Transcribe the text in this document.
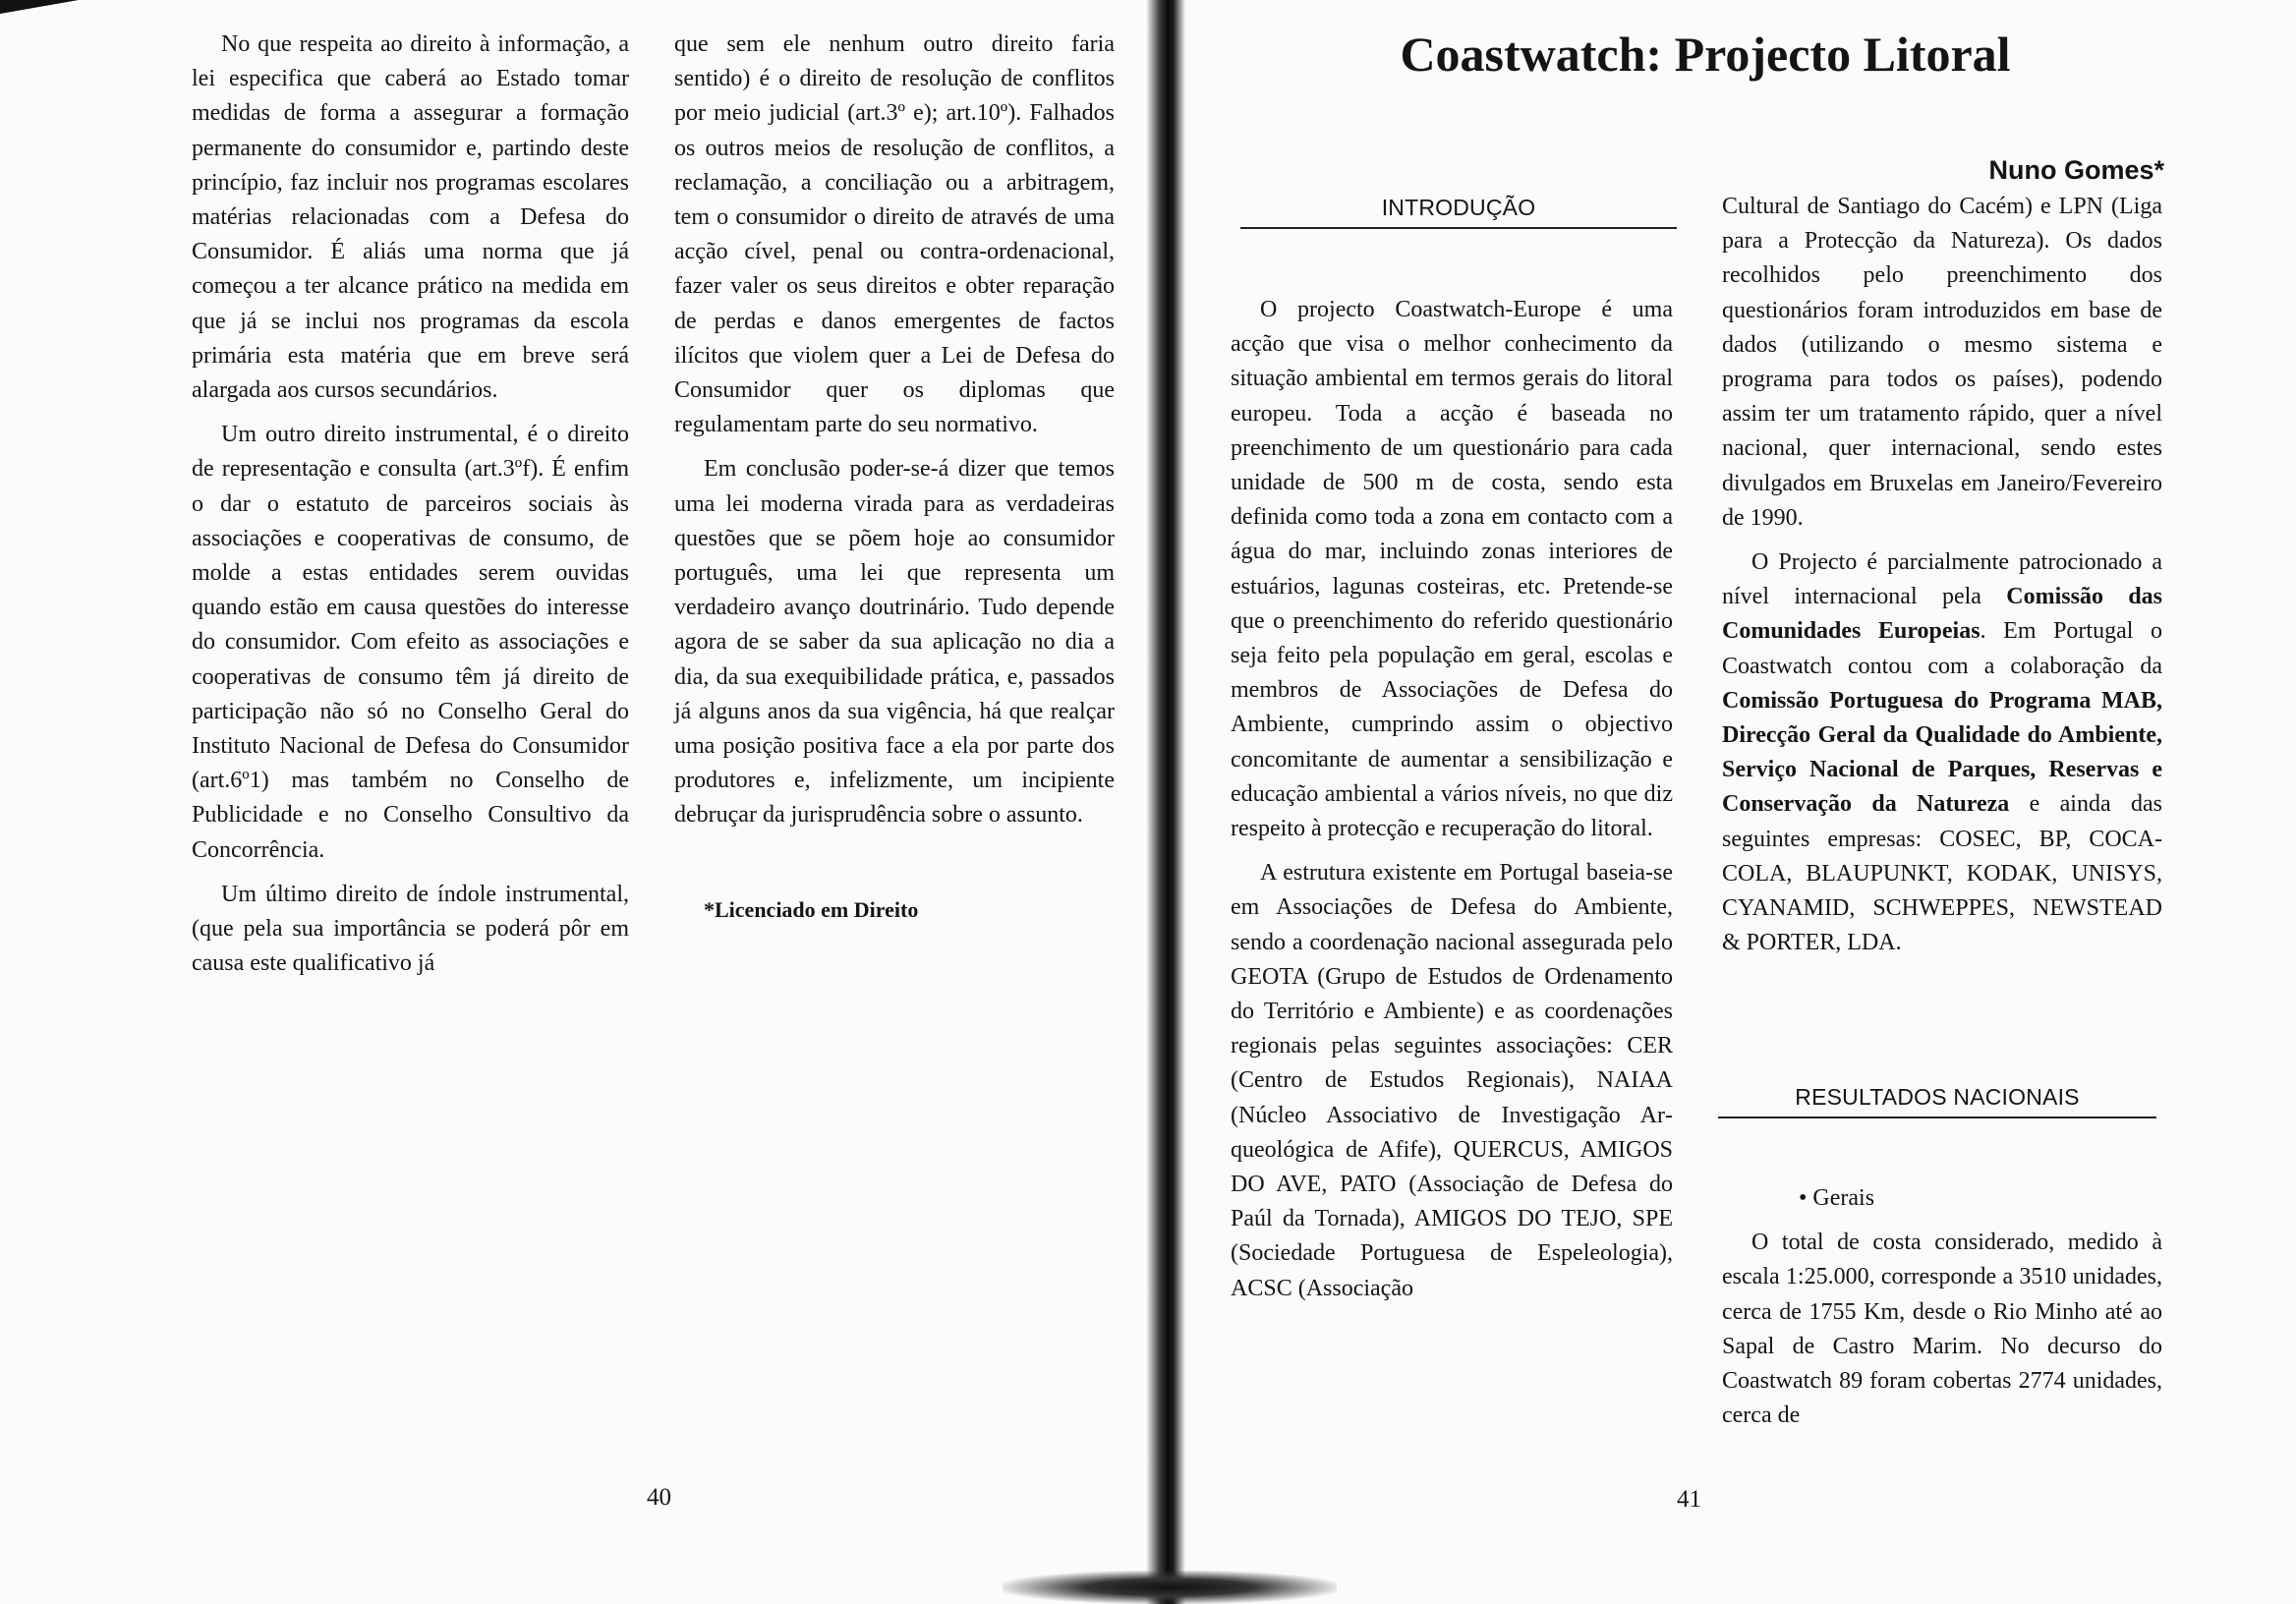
No que respeita ao direito à informação, a lei especifica que caberá ao Estado tomar medidas de forma a assegurar a formação permanente do consumidor e, partindo deste princípio, faz incluir nos programas escolares matérias relacionadas com a Defesa do Consumidor. É aliás uma norma que já começou a ter alcance prático na medida em que já se inclui nos programas da escola primária esta matéria que em breve será alargada aos cursos secundários.

Um outro direito instrumental, é o direito de representação e consulta (art.3ºf). É enfim o dar o estatuto de parceiros sociais às associações e cooperativas de consumo, de molde a estas entidades serem ouvidas quando estão em causa questões do interesse do consumidor. Com efeito as associações e cooperativas de consumo têm já direito de participação não só no Conselho Geral do Instituto Nacional de Defesa do Consumidor (art.6º1) mas também no Conselho de Publicidade e no Conselho Consultivo da Concorrência.

Um último direito de índole instrumental, (que pela sua importância se poderá pôr em causa este qualificativo já

que sem ele nenhum outro direito faria sentido) é o direito de resolução de conflitos por meio judicial (art.3º e); art.10º). Falhados os outros meios de resolução de conflitos, a reclamação, a conciliação ou a arbitragem, tem o consumidor o direito de através de uma acção cível, penal ou contra-ordenacional, fazer valer os seus direitos e obter reparação de perdas e danos emergentes de factos ilícitos que violem quer a Lei de Defesa do Consumidor quer os diplomas que regulamentam parte do seu normativo.

Em conclusão poder-se-á dizer que temos uma lei moderna virada para as verdadeiras questões que se põem hoje ao consumidor português, uma lei que representa um verdadeiro avanço doutrinário. Tudo depende agora de se saber da sua aplicação no dia a dia, da sua exequibilidade prática, e, passados já alguns anos da sua vigência, há que realçar uma posição positiva face a ela por parte dos produtores e, infelizmente, um incipiente debruçar da jurisprudência sobre o assunto.

*Licenciado em Direito

40
Coastwatch: Projecto Litoral
Nuno Gomes*
INTRODUÇÃO

O projecto Coastwatch-Europe é uma acção que visa o melhor conhecimento da situação ambiental em termos gerais do litoral europeu. Toda a acção é baseada no preenchimento de um questionário para cada unidade de 500 m de costa, sendo esta definida como toda a zona em contacto com a água do mar, incluindo zonas interiores de estuários, lagunas costeiras, etc. Pretende-se que o preenchimento do referido questionário seja feito pela população em geral, escolas e membros de Associações de Defesa do Ambiente, cumprindo assim o objectivo concomitante de aumentar a sensibilização e educação ambiental a vários níveis, no que diz respeito à protecção e recuperação do litoral.

A estrutura existente em Portugal baseia-se em Associações de Defesa do Ambiente, sendo a coordenação nacional assegurada pelo GEOTA (Grupo de Estudos de Ordenamento do Território e Ambiente) e as coordenações regionais pelas seguintes associações: CER (Centro de Estudos Regionais), NAIAA (Núcleo Associativo de Investigação Arqueológica de Afife), QUERCUS, AMIGOS DO AVE, PATO (Associação de Defesa do Paúl da Tornada), AMIGOS DO TEJO, SPE (Sociedade Portuguesa de Espeleologia), ACSC (Associação

Cultural de Santiago do Cacém) e LPN (Liga para a Protecção da Natureza). Os dados recolhidos pelo preenchimento dos questionários foram introduzidos em base de dados (utilizando o mesmo sistema e programa para todos os países), podendo assim ter um tratamento rápido, quer a nível nacional, quer internacional, sendo estes divulgados em Bruxelas em Janeiro/Fevereiro de 1990.

O Projecto é parcialmente patrocionado a nível internacional pela Comissão das Comunidades Europeias. Em Portugal o Coastwatch contou com a colaboração da Comissão Portuguesa do Programa MAB, Direcção Geral da Qualidade do Ambiente, Serviço Nacional de Parques, Reservas e Conservação da Natureza e ainda das seguintes empresas: COSEC, BP, COCA-COLA, BLAUPUNKT, KODAK, UNISYS, CYANAMID, SCHWEPPES, NEWSTEAD & PORTER, LDA.

RESULTADOS NACIONAIS

• Gerais

O total de costa considerado, medido à escala 1:25.000, corresponde a 3510 unidades, cerca de 1755 Km, desde o Rio Minho até ao Sapal de Castro Marim. No decurso do Coastwatch 89 foram cobertas 2774 unidades, cerca de

41
